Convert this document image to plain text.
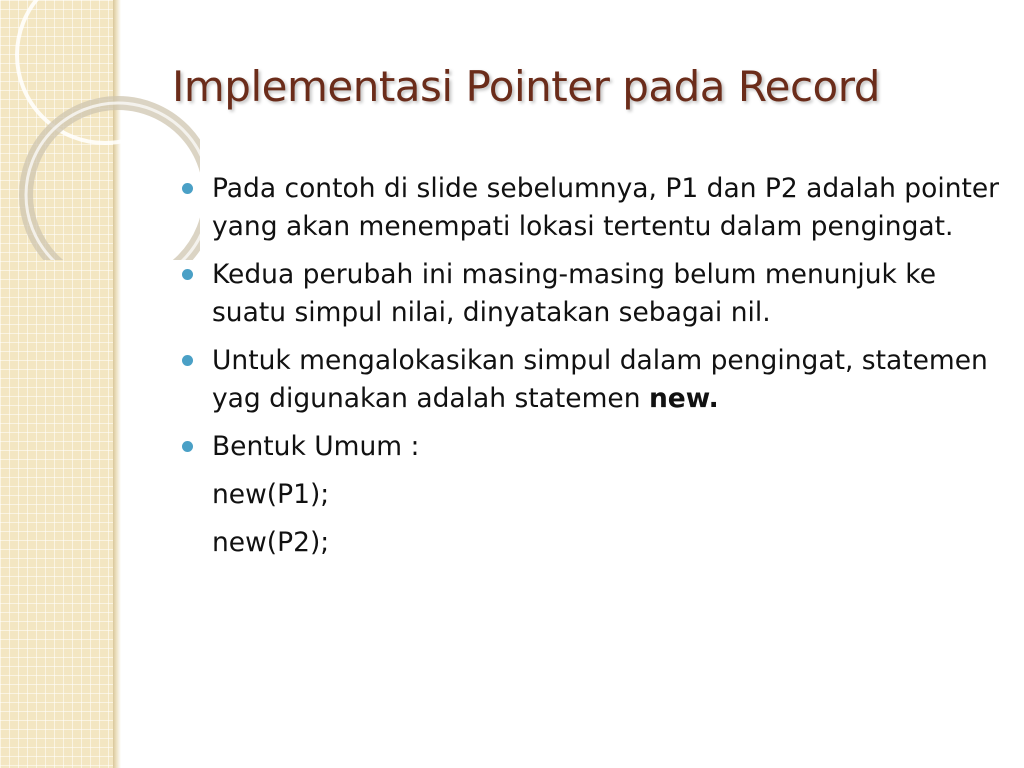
Implementasi Pointer pada Record
Pada contoh di slide sebelumnya, P1 dan P2 adalah pointer yang akan menempati lokasi tertentu dalam pengingat.
Kedua perubah ini masing-masing belum menunjuk ke suatu simpul nilai, dinyatakan sebagai nil.
Untuk mengalokasikan simpul dalam pengingat, statemen yag digunakan adalah statemen new.
Bentuk Umum :
new(P1);
new(P2);
